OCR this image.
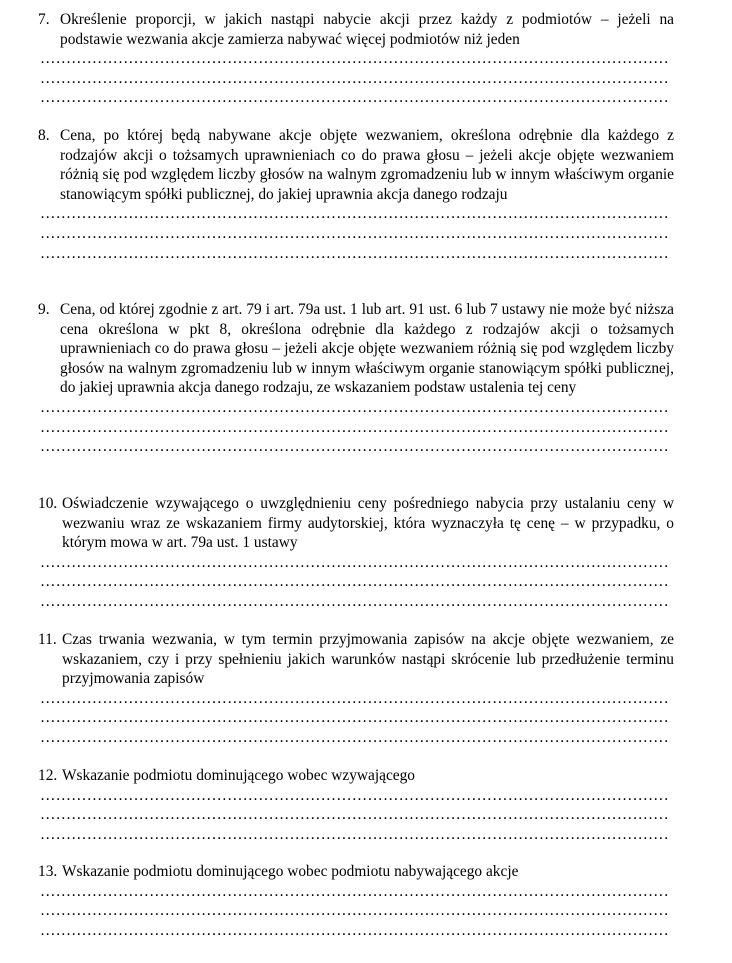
7. Określenie proporcji, w jakich nastąpi nabycie akcji przez każdy z podmiotów – jeżeli na podstawie wezwania akcje zamierza nabywać więcej podmiotów niż jeden
…………………………………………………………………………………………………………………………………………………………………………………………………………………
…………………………………………………………………………………………………………………………………………………………………………………………………………………
…………………………………………………………………………………………………………………………………………………………………………………………………………………
8. Cena, po której będą nabywane akcje objęte wezwaniem, określona odrębnie dla każdego z rodzajów akcji o tożsamych uprawnieniach co do prawa głosu – jeżeli akcje objęte wezwaniem różnią się pod względem liczby głosów na walnym zgromadzeniu lub w innym właściwym organie stanowiącym spółki publicznej, do jakiej uprawnia akcja danego rodzaju
…………………………………………………………………………………………………………………………………………………………………………………………………………………
…………………………………………………………………………………………………………………………………………………………………………………………………………………
…………………………………………………………………………………………………………………………………………………………………………………………………………………
9. Cena, od której zgodnie z art. 79 i art. 79a ust. 1 lub art. 91 ust. 6 lub 7 ustawy nie może być niższa cena określona w pkt 8, określona odrębnie dla każdego z rodzajów akcji o tożsamych uprawnieniach co do prawa głosu – jeżeli akcje objęte wezwaniem różnią się pod względem liczby głosów na walnym zgromadzeniu lub w innym właściwym organie stanowiącym spółki publicznej, do jakiej uprawnia akcja danego rodzaju, ze wskazaniem podstaw ustalenia tej ceny
…………………………………………………………………………………………………………………………………………………………………………………………………………………
…………………………………………………………………………………………………………………………………………………………………………………………………………………
…………………………………………………………………………………………………………………………………………………………………………………………………………………
10. Oświadczenie wzywającego o uwzględnieniu ceny pośredniego nabycia przy ustalaniu ceny w wezwaniu wraz ze wskazaniem firmy audytorskiej, która wyznaczyła tę cenę – w przypadku, o którym mowa w art. 79a ust. 1 ustawy
…………………………………………………………………………………………………………………………………………………………………………………………………………………
…………………………………………………………………………………………………………………………………………………………………………………………………………………
…………………………………………………………………………………………………………………………………………………………………………………………………………………
11. Czas trwania wezwania, w tym termin przyjmowania zapisów na akcje objęte wezwaniem, ze wskazaniem, czy i przy spełnieniu jakich warunków nastąpi skrócenie lub przedłużenie terminu przyjmowania zapisów
…………………………………………………………………………………………………………………………………………………………………………………………………………………
…………………………………………………………………………………………………………………………………………………………………………………………………………………
…………………………………………………………………………………………………………………………………………………………………………………………………………………
12. Wskazanie podmiotu dominującego wobec wzywającego
…………………………………………………………………………………………………………………………………………………………………………………………………………………
…………………………………………………………………………………………………………………………………………………………………………………………………………………
…………………………………………………………………………………………………………………………………………………………………………………………………………………
13. Wskazanie podmiotu dominującego wobec podmiotu nabywającego akcje
…………………………………………………………………………………………………………………………………………………………………………………………………………………
…………………………………………………………………………………………………………………………………………………………………………………………………………………
…………………………………………………………………………………………………………………………………………………………………………………………………………………
